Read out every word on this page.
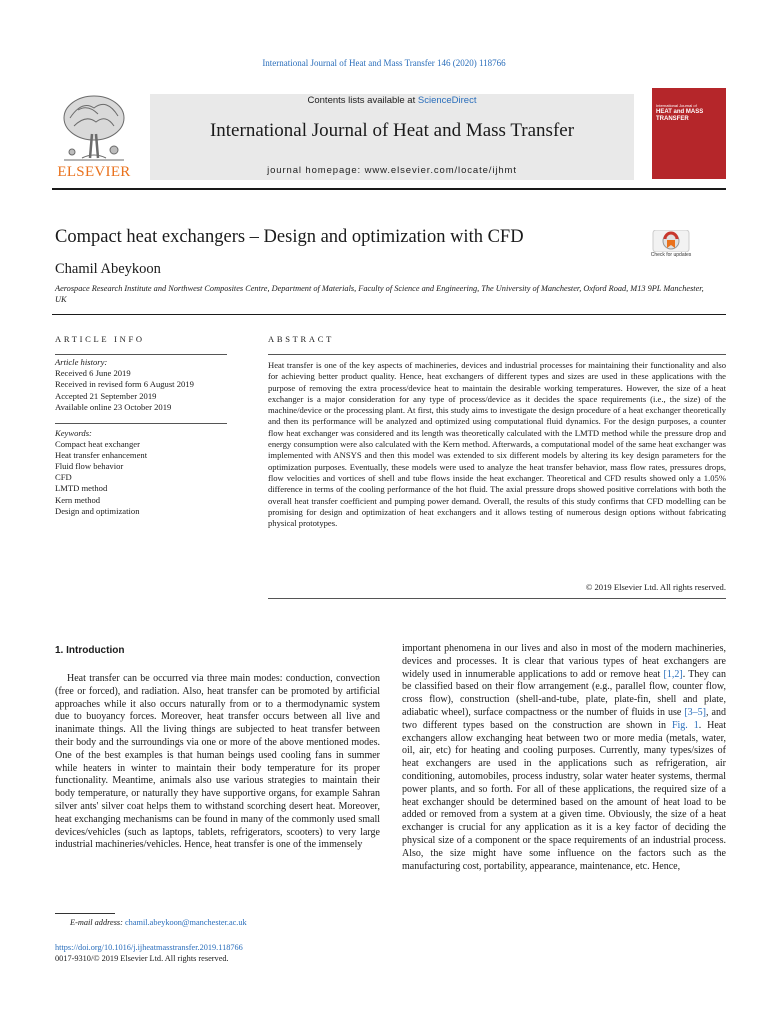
International Journal of Heat and Mass Transfer 146 (2020) 118766
ELSEVIER
Contents lists available at ScienceDirect
International Journal of Heat and Mass Transfer
journal homepage: www.elsevier.com/locate/ijhmt
International Journal of
HEAT and MASS
TRANSFER
Compact heat exchangers – Design and optimization with CFD
Check for updates
Chamil Abeykoon
Aerospace Research Institute and Northwest Composites Centre, Department of Materials, Faculty of Science and Engineering, The University of Manchester, Oxford Road, M13 9PL Manchester, UK
ARTICLE INFO
Article history:
Received 6 June 2019
Received in revised form 6 August 2019
Accepted 21 September 2019
Available online 23 October 2019
Keywords:
Compact heat exchanger
Heat transfer enhancement
Fluid flow behavior
CFD
LMTD method
Kern method
Design and optimization
ABSTRACT
Heat transfer is one of the key aspects of machineries, devices and industrial processes for maintaining their functionality and also for achieving better product quality. Hence, heat exchangers of different types and sizes are used in these applications with the purpose of removing the extra process/device heat to maintain the desirable working temperatures. However, the size of a heat exchanger is a major consideration for any type of process/device as it decides the space requirements (i.e., the size) of the machine/device or the processing plant. At first, this study aims to investigate the design procedure of a heat exchanger theoretically and then its performance will be analyzed and optimized using computational fluid dynamics. For the design purposes, a counter flow heat exchanger was considered and its length was theoretically calculated with the LMTD method while the pressure drop and energy consumption were also calculated with the Kern method. Afterwards, a computational model of the same heat exchanger was implemented with ANSYS and then this model was extended to six different models by altering its key design parameters for the optimization purposes. Eventually, these models were used to analyze the heat transfer behavior, mass flow rates, pressures drops, flow velocities and vortices of shell and tube flows inside the heat exchanger. Theoretical and CFD results showed only a 1.05% difference in terms of the cooling performance of the hot fluid. The axial pressure drops showed positive correlations with both the overall heat transfer coefficient and pumping power demand. Overall, the results of this study confirms that CFD modelling can be promising for design and optimization of heat exchangers and it allows testing of numerous design options without fabricating physical prototypes.
© 2019 Elsevier Ltd. All rights reserved.
1. Introduction
Heat transfer can be occurred via three main modes: conduction, convection (free or forced), and radiation. Also, heat transfer can be promoted by artificial approaches while it also occurs naturally from or to a thermodynamic system due to buoyancy forces. Moreover, heat transfer occurs between all live and inanimate things. All the living things are subjected to heat transfer between their body and the surroundings via one or more of the above mentioned modes. One of the best examples is that human beings used cooling fans in summer while heaters in winter to maintain their body temperature for its proper functionality. Meantime, animals also use various strategies to maintain their body temperature, or naturally they have supportive organs, for example Sahran silver ants' silver coat helps them to withstand scorching desert heat. Moreover, heat exchanging mechanisms can be found in many of the commonly used small devices/vehicles (such as laptops, tablets, refrigerators, scooters) to very large industrial machineries/vehicles. Hence, heat transfer is one of the immensely
important phenomena in our lives and also in most of the modern machineries, devices and processes. It is clear that various types of heat exchangers are widely used in innumerable applications to add or remove heat [1,2]. They can be classified based on their flow arrangement (e.g., parallel flow, counter flow, cross flow), construction (shell-and-tube, plate, plate-fin, shell and plate, adiabatic wheel), surface compactness or the number of fluids in use [3–5], and two different types based on the construction are shown in Fig. 1. Heat exchangers allow exchanging heat between two or more media (metals, water, oil, air, etc) for heating and cooling purposes. Currently, many types/sizes of heat exchangers are used in the applications such as refrigeration, air conditioning, automobiles, process industry, solar water heater systems, thermal power plants, and so forth. For all of these applications, the required size of a heat exchanger should be determined based on the amount of heat load to be added or removed from a system at a given time. Obviously, the size of a heat exchanger is crucial for any application as it is a key factor of deciding the physical size of a component or the space requirements of an industrial process. Also, the size might have some influence on the factors such as the manufacturing cost, portability, appearance, maintenance, etc. Hence,
E-mail address: chamil.abeykoon@manchester.ac.uk
https://doi.org/10.1016/j.ijheatmasstransfer.2019.118766
0017-9310/© 2019 Elsevier Ltd. All rights reserved.
